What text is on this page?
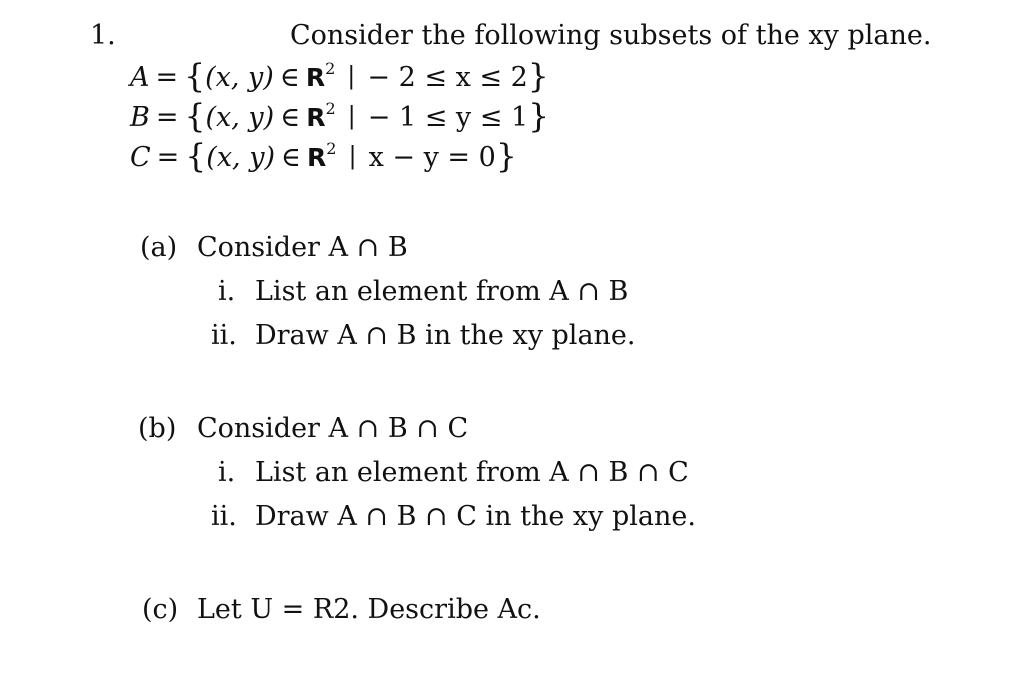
1.	Consider the following subsets of the xy plane.
A = {(x, y) ∈ $R^2$ | − 2 ≤ x ≤ 2}
B = {(x, y) ∈ $R^2$ | − 1 ≤ y ≤ 1}
C = {(x, y) ∈ $R^2$ | x − y = 0}
(a) Consider A ∩ B
i. List an element from A ∩ B
ii. Draw A ∩ B in the xy plane.
(b) Consider A ∩ B ∩ C
i. List an element from A ∩ B ∩ C
ii. Draw A ∩ B ∩ C in the xy plane.
(c) Let U = R2. Describe Ac.
